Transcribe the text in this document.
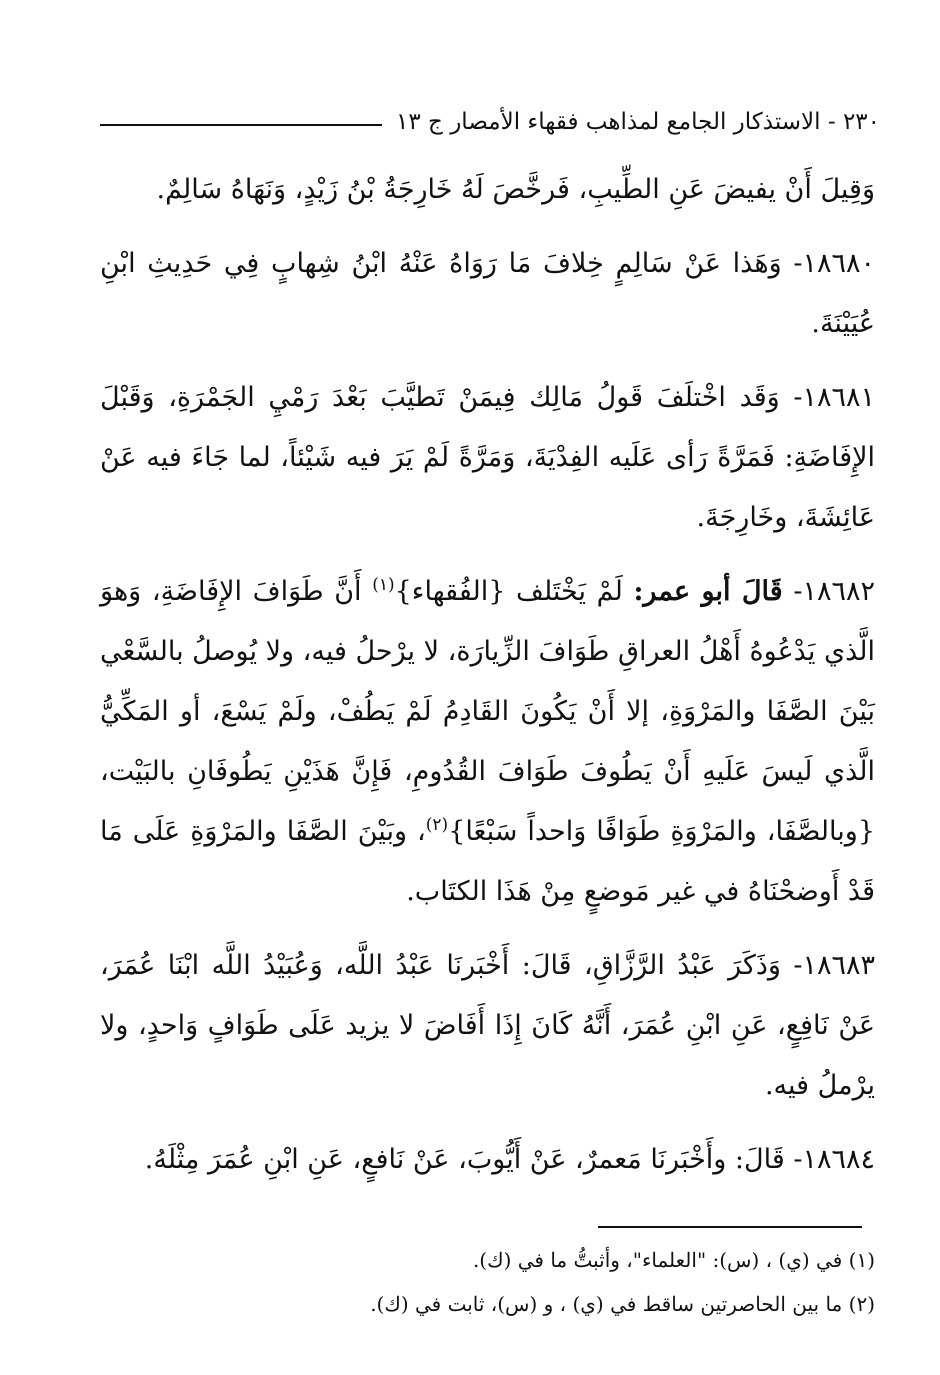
٢٣٠ - الاستذكار الجامع لمذاهب فقهاء الأمصار ج ١٣

وَقِيلَ أَنْ يفيضَ عَنِ الطِّيبِ، فَرخَّصَ لَهُ خَارِجَةُ بْنُ زَيْدٍ، وَنَهَاهُ سَالِمٌ.

١٨٦٨٠- وَهَذا عَنْ سَالِمٍ خِلافَ مَا رَوَاهُ عَنْهُ ابْنُ شِهابٍ فِي حَدِيثِ ابْنِ عُيَيْنَةَ.

١٨٦٨١- وَقَد اخْتلَفَ قَولُ مَالِك فِيمَنْ تَطيَّبَ بَعْدَ رَمْيِ الجَمْرَةِ، وَقَبْلَ الإِفَاضَةِ: فَمَرَّةً رَأى عَلَيه الفِدْيَةَ، وَمَرَّةً لَمْ يَرَ فيه شَيْئاً، لما جَاءَ فيه عَنْ عَائِشَةَ، وخَارِجَةَ.

١٨٦٨٢- قَالَ أبو عمر: لَمْ يَخْتَلف {الفُقهاء}$^{(١)}$ أَنَّ طَوَافَ الإِفَاضَةِ، وَهوَ الَّذي يَدْعُوهُ أَهْلُ العراقِ طَوَافَ الزِّيارَة، لا يرْحلُ فيه، ولا يُوصلُ بالسَّعْي بَيْنَ الصَّفَا والمَرْوَةِ، إلا أَنْ يَكُونَ القَادِمُ لَمْ يَطُفْ، ولَمْ يَسْعَ، أو المَكِّيُّ الَّذي لَيسَ عَلَيهِ أَنْ يَطُوفَ طَوَافَ القُدُومِ، فَإِنَّ هَذَيْنِ يَطُوفَانِ بالبَيْت، {وبالصَّفَا، والمَرْوَةِ طَوَافًا وَاحداً سَبْعًا}$^{(٢)}$، وبَيْنَ الصَّفَا والمَرْوَةِ عَلَى مَا قَدْ أَوضحْنَاهُ في غير مَوضعٍ مِنْ هَذَا الكتَاب.

١٨٦٨٣- وَذَكَرَ عَبْدُ الرَّزَّاقِ، قَالَ: أَخْبَرنَا عَبْدُ اللَّه، وَعُبَيْدُ اللَّه ابْنَا عُمَرَ، عَنْ نَافِعٍ، عَنِ ابْنِ عُمَرَ، أَنَّهُ كَانَ إِذَا أَفَاضَ لا يزيد عَلَى طَوَافٍ وَاحدٍ، ولا يرْملُ فيه.

١٨٦٨٤- قَالَ: وأَخْبَرنَا مَعمرٌ، عَنْ أَيُّوبَ، عَنْ نَافعٍ، عَنِ ابْنِ عُمَرَ مِثْلَهُ.

(١) في (ي) ، (س): "العلماء"، وأثبتُّ ما في (ك).

(٢) ما بين الحاصرتين ساقط في (ي) ، و (س)، ثابت في (ك).
